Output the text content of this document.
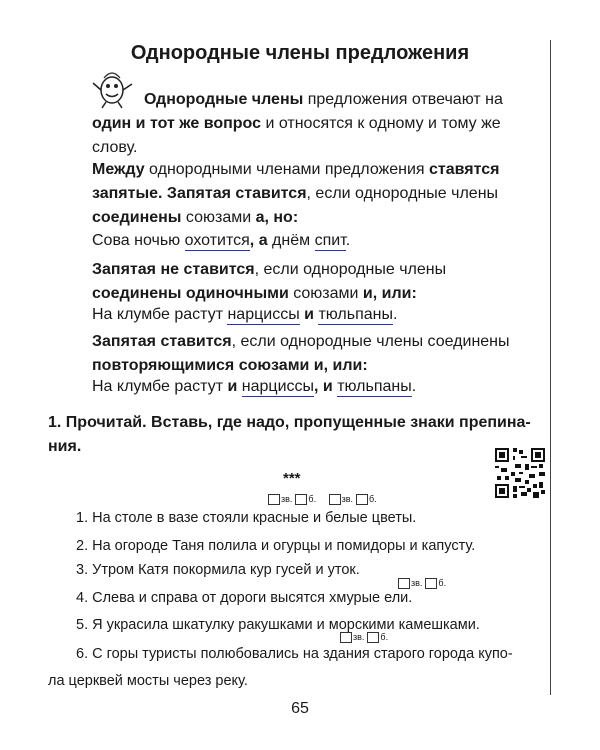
Однородные члены предложения
Однородные члены предложения отвечают на один и тот же вопрос и относятся к одному и тому же слову.
Между однородными членами предложения ставятся запятые. Запятая ставится, если однородные члены соединены союзами а, но:
Сова ночью охотится, а днём спит.
Запятая не ставится, если однородные члены соединены одиночными союзами и, или:
На клумбе растут нарциссы и тюльпаны.
Запятая ставится, если однородные члены соединены повторяющимися союзами и, или:
На клумбе растут и нарциссы, и тюльпаны.
1. Прочитай. Вставь, где надо, пропущенные знаки препина-
ния.
***
зв. б.	зв. б.
1. На столе в вазе стояли красные и белые цветы.
2. На огороде Таня полила и огурцы и помидоры и капусту.
3. Утром Катя покормила кур гусей и уток.
зв. б.
4. Слева и справа от дороги высятся хмурые ели.
5. Я украсила шкатулку ракушками и морскими камешками.
зв. б.
6. С горы туристы полюбовались на здания старого города купо-
ла церквей мосты через реку.
65
